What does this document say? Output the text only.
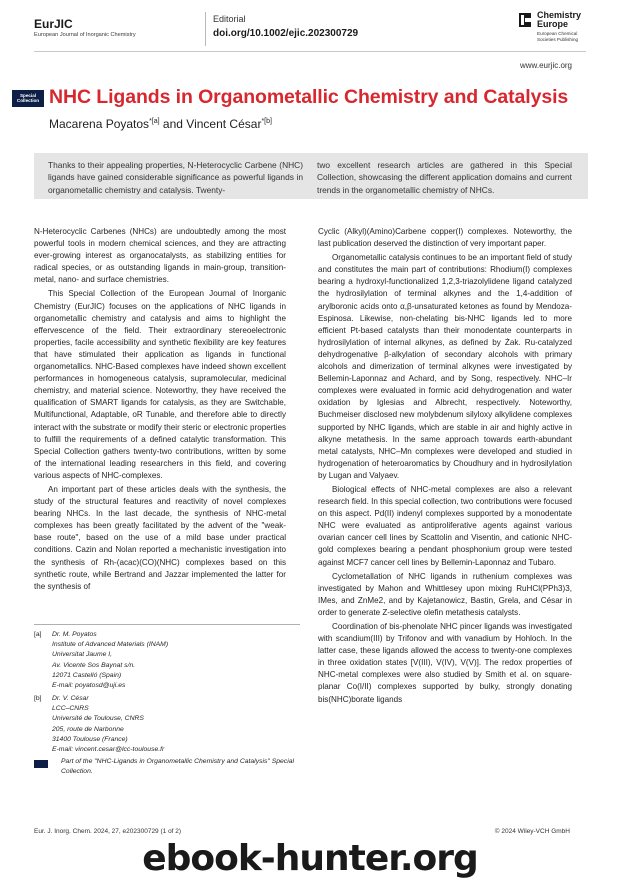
EurJIC
European Journal of Inorganic Chemistry
Editorial
doi.org/10.1002/ejic.202300729
Chemistry
Europe
European Chemical
Societies Publishing
www.eurjic.org
Special
Collection NHC Ligands in Organometallic Chemistry and Catalysis
Macarena Poyatos$^{*[a]}$ and Vincent César$^{*[b]}$
Thanks to their appealing properties, N-Heterocyclic Carbene (NHC) ligands have gained considerable significance as powerful ligands in organometallic chemistry and catalysis. Twenty-
two excellent research articles are gathered in this Special Collection, showcasing the different application domains and current trends in the organometallic chemistry of NHCs.

N-Heterocyclic Carbenes (NHCs) are undoubtedly among the most powerful tools in modern chemical sciences, and they are attracting ever-growing interest as organocatalysts, as stabilizing entities for radical species, or as outstanding ligands in main-group, transition-metal, nano- and surface chemistries.

This Special Collection of the European Journal of Inorganic Chemistry (EurJIC) focuses on the applications of NHC ligands in organometallic chemistry and catalysis and aims to highlight the effervescence of the field. Their extraordinary stereoelectronic properties, facile accessibility and synthetic flexibility are key features that have stimulated their application as ligands in functional organometallics. NHC-Based complexes have indeed shown excellent performances in homogeneous catalysis, supramolecular, medicinal chemistry, and material science. Noteworthy, they have received the qualification of SMART ligands for catalysis, as they are Switchable, Multifunctional, Adaptable, oR Tunable, and therefore able to directly interact with the substrate or modify their steric or electronic properties to fulfill the requirements of a defined catalytic transformation. This Special Collection gathers twenty-two contributions, written by some of the international leading researchers in this field, and covering various aspects of NHC-complexes.

An important part of these articles deals with the synthesis, the study of the structural features and reactivity of novel complexes bearing NHCs. In the last decade, the synthesis of NHC-metal complexes has been greatly facilitated by the advent of the "weak-base route", based on the use of a mild base under practical conditions. Cazin and Nolan reported a mechanistic investigation into the synthesis of Rh-(acac)(CO)(NHC) complexes based on this synthetic route, while Bertrand and Jazzar implemented the latter for the synthesis of

Cyclic (Alkyl)(Amino)Carbene copper(I) complexes. Noteworthy, the last publication deserved the distinction of very important paper.

Organometallic catalysis continues to be an important field of study and constitutes the main part of contributions: Rhodium(I) complexes bearing a hydroxyl-functionalized 1,2,3-triazolylidene ligand catalyzed the hydrosilylation of terminal alkynes and the 1,4-addition of arylboronic acids onto α,β-unsaturated ketones as found by Mendoza-Espinosa. Likewise, non-chelating bis-NHC ligands led to more efficient Pt-based catalysts than their monodentate counterparts in hydrosilylation of internal alkynes, as defined by Żak. Ru-catalyzed dehydrogenative β-alkylation of secondary alcohols with primary alcohols and dimerization of terminal alkynes were investigated by Bellemin-Laponnaz and Achard, and by Song, respectively. NHC–Ir complexes were evaluated in formic acid dehydrogenation and water oxidation by Iglesias and Albrecht, respectively. Noteworthy, Buchmeiser disclosed new molybdenum silyloxy alkylidene complexes supported by NHC ligands, which are stable in air and highly active in alkyne metathesis. In the same approach towards earth-abundant metal catalysts, NHC–Mn complexes were developed and studied in hydrogenation of heteroaromatics by Choudhury and in hydrosilylation by Lugan and Valyaev.

Biological effects of NHC-metal complexes are also a relevant research field. In this special collection, two contributions were focused on this aspect. Pd(II) indenyl complexes supported by a monodentate NHC were evaluated as antiproliferative agents against various ovarian cancer cell lines by Scattolin and Visentin, and cationic NHC-gold complexes bearing a pendant phosphonium group were tested against MCF7 cancer cell lines by Bellemin-Laponnaz and Tubaro.

Cyclometallation of NHC ligands in ruthenium complexes was investigated by Mahon and Whittlesey upon mixing RuHCl(PPh3)3, IMes, and ZnMe2, and by Kajetanowicz, Bastin, Grela, and César in order to generate Z-selective olefin metathesis catalysts.

Coordination of bis-phenolate NHC pincer ligands was investigated with scandium(III) by Trifonov and with vanadium by Hohloch. In the latter case, these ligands allowed the access to twenty-one complexes in three oxidation states [V(III), V(IV), V(V)]. The redox properties of NHC-metal complexes were also studied by Smith et al. on square-planar Co(I/II) complexes supported by bulky, strongly donating bis(NHC)borate ligands

[a] Dr. M. Poyatos
Institute of Advanced Materials (INAM)
Universitat Jaume I,
Av. Vicente Sos Baynat s/n.
12071 Castelló (Spain)
E-mail: poyatosd@uji.es
[b] Dr. V. César
LCC–CNRS
Université de Toulouse, CNRS
205, route de Narbonne
31400 Toulouse (France)
E-mail: vincent.cesar@lcc-toulouse.fr
Part of the "NHC-Ligands in Organometallic Chemistry and Catalysis" Special Collection.
Eur. J. Inorg. Chem. 2024, 27, e202300729 (1 of 2)	© 2024 Wiley-VCH GmbH
ebook-hunter.org
